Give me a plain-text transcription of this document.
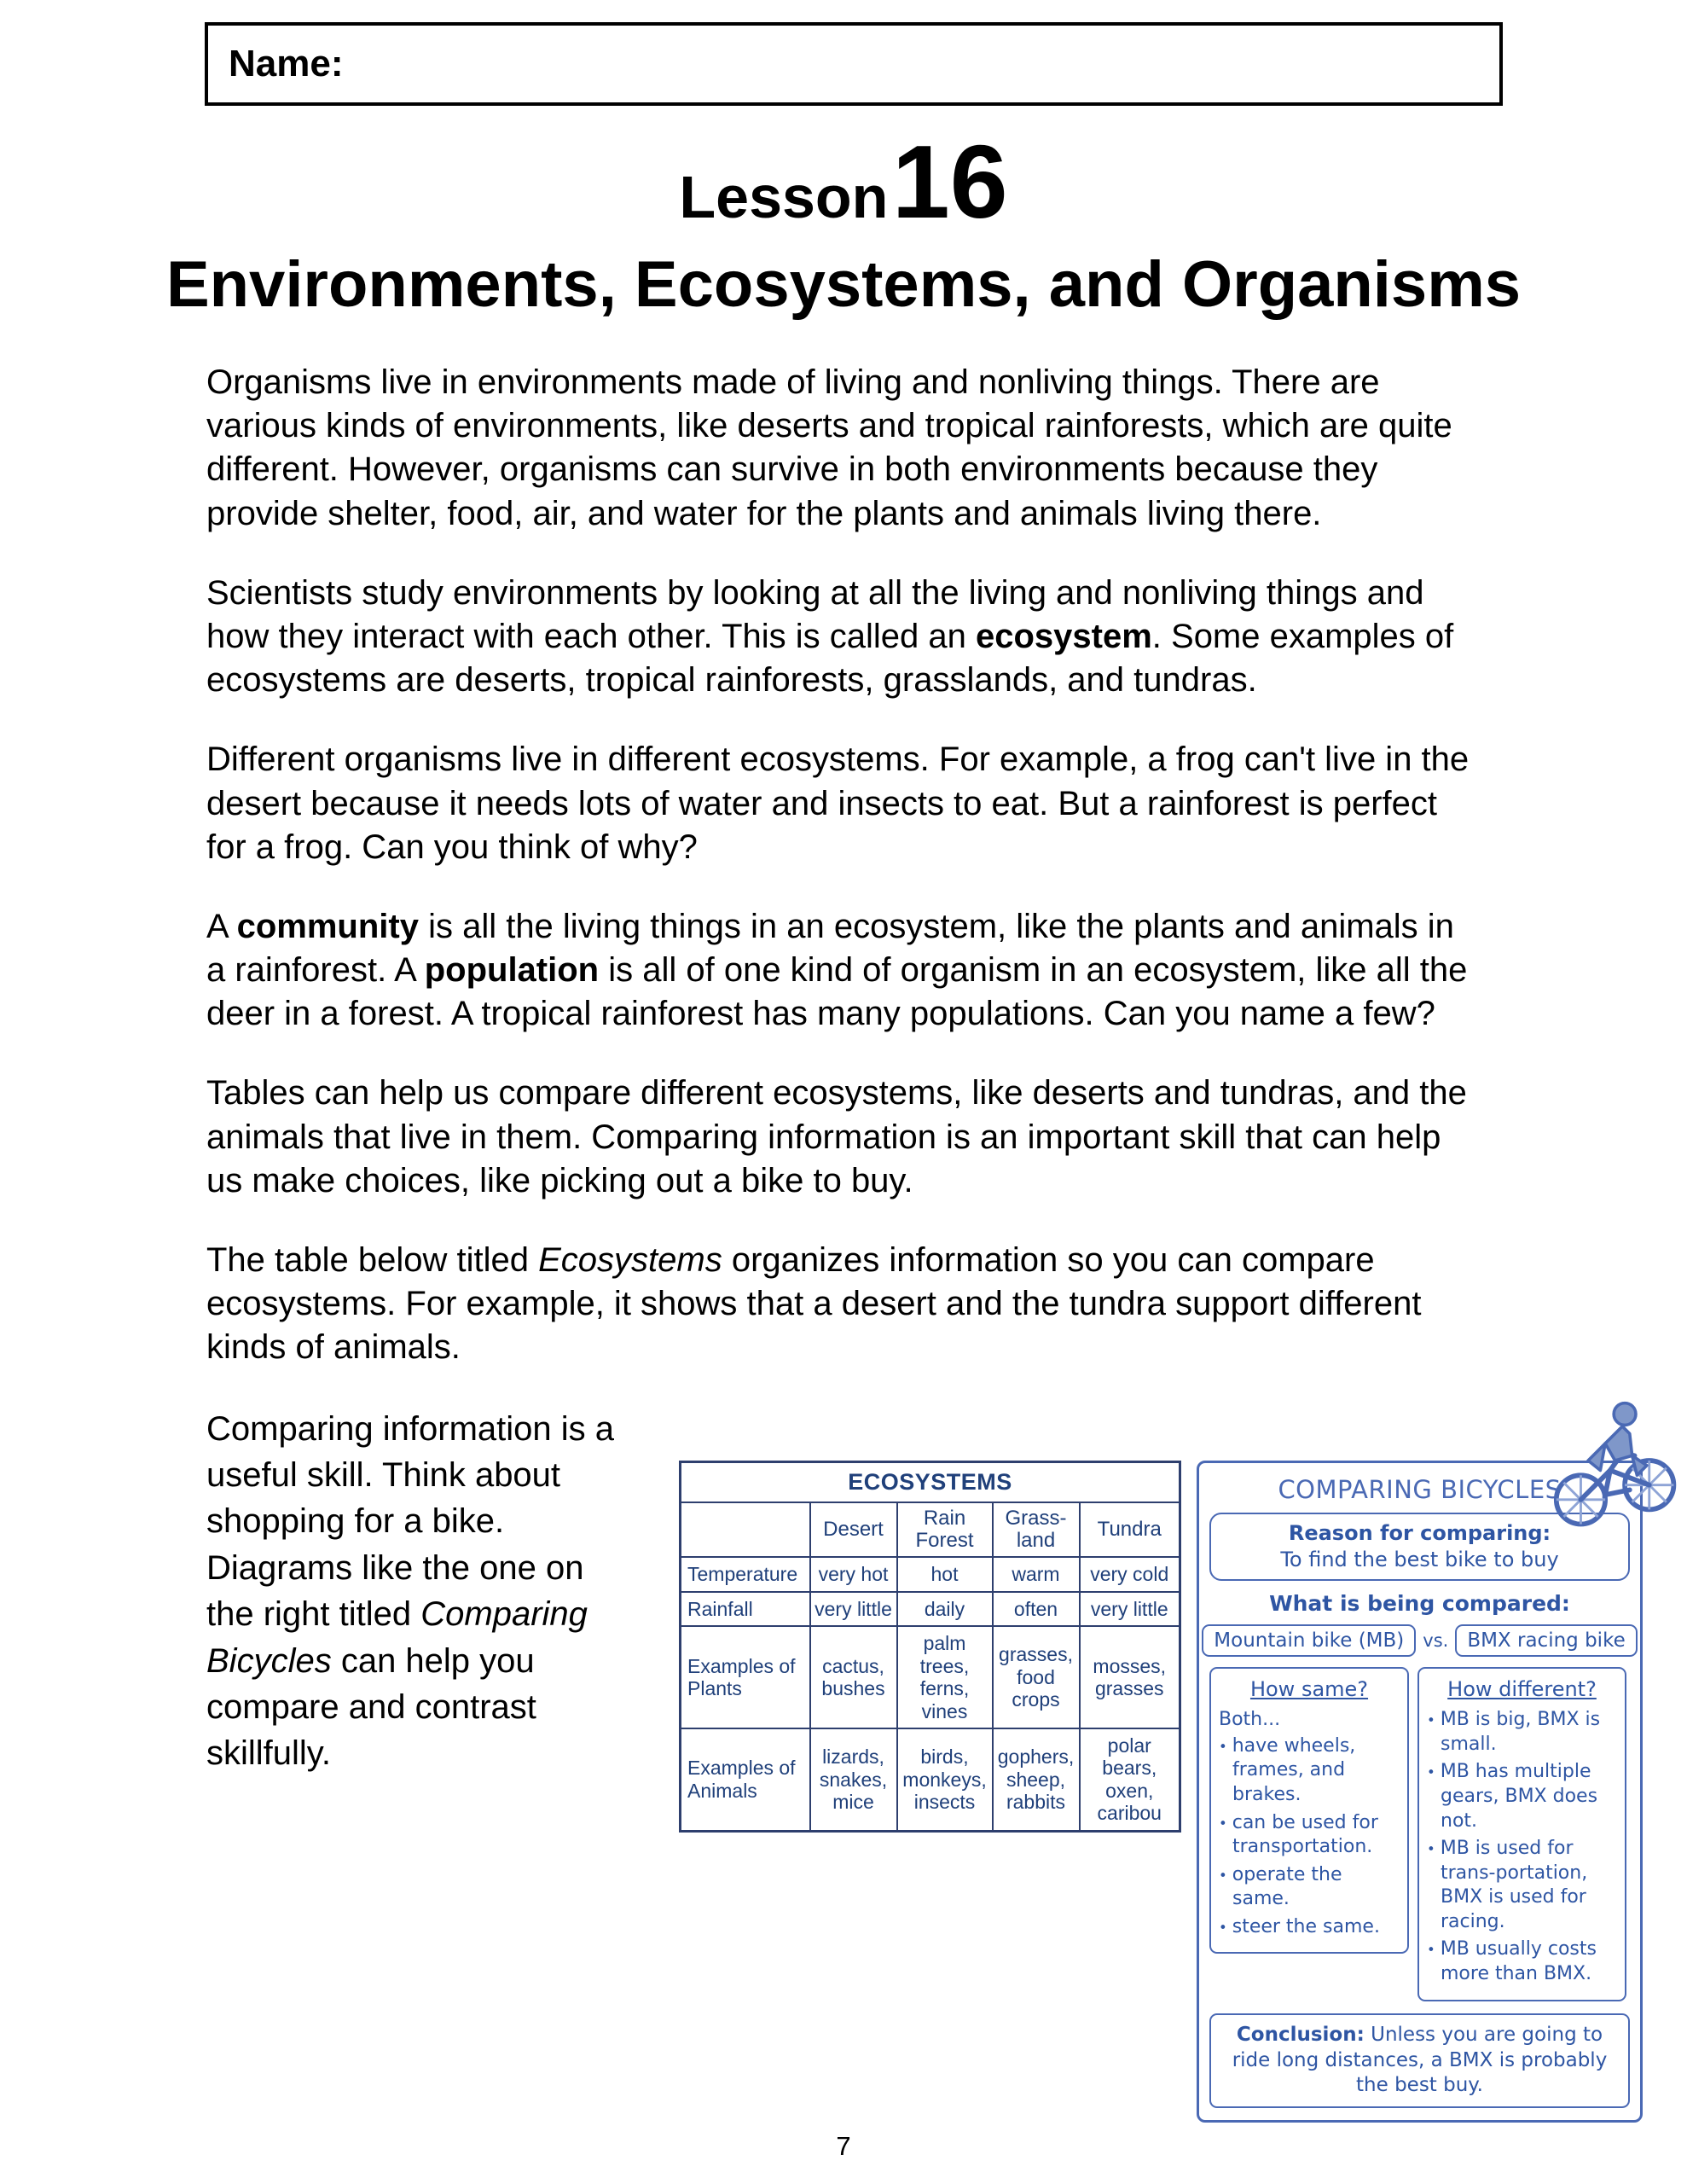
Name:
Lesson 16
Environments, Ecosystems, and Organisms

Organisms live in environments made of living and nonliving things. There are various kinds of environments, like deserts and tropical rainforests, which are quite different. However, organisms can survive in both environments because they provide shelter, food, air, and water for the plants and animals living there.

Scientists study environments by looking at all the living and nonliving things and how they interact with each other. This is called an ecosystem. Some examples of ecosystems are deserts, tropical rainforests, grasslands, and tundras.

Different organisms live in different ecosystems. For example, a frog can't live in the desert because it needs lots of water and insects to eat. But a rainforest is perfect for a frog. Can you think of why?

A community is all the living things in an ecosystem, like the plants and animals in a rainforest. A population is all of one kind of organism in an ecosystem, like all the deer in a forest. A tropical rainforest has many populations. Can you name a few?

Tables can help us compare different ecosystems, like deserts and tundras, and the animals that live in them. Comparing information is an important skill that can help us make choices, like picking out a bike to buy.

The table below titled Ecosystems organizes information so you can compare ecosystems. For example, it shows that a desert and the tundra support different kinds of animals.

Comparing information is a useful skill. Think about shopping for a bike. Diagrams like the one on the right titled Comparing Bicycles can help you compare and contrast skillfully.
ECOSYSTEMS				
	Desert	Rain Forest	Grass-land	Tundra
Temperature	very hot	hot	warm	very cold
Rainfall	very little	daily	often	very little
Examples of Plants	cactus, bushes	palm trees, ferns, vines	grasses, food crops	mosses, grasses
Examples of Animals	lizards, snakes, mice	birds, monkeys, insects	gophers, sheep, rabbits	polar bears, oxen, caribou
COMPARING BICYCLES
Reason for comparing:
To find the best bike to buy
What is being compared:
Mountain bike (MB)	vs. BMX racing bike
How same?
Both...
• have wheels, frames, and brakes.
• can be used for transportation.
• operate the same.
• steer the same.
How different?
• MB is big, BMX is small.
• MB has multiple gears, BMX does not.
• MB is used for trans-portation, BMX is used for racing.
• MB usually costs more than BMX.
Conclusion: Unless you are going to ride long distances, a BMX is probably the best buy.
7
